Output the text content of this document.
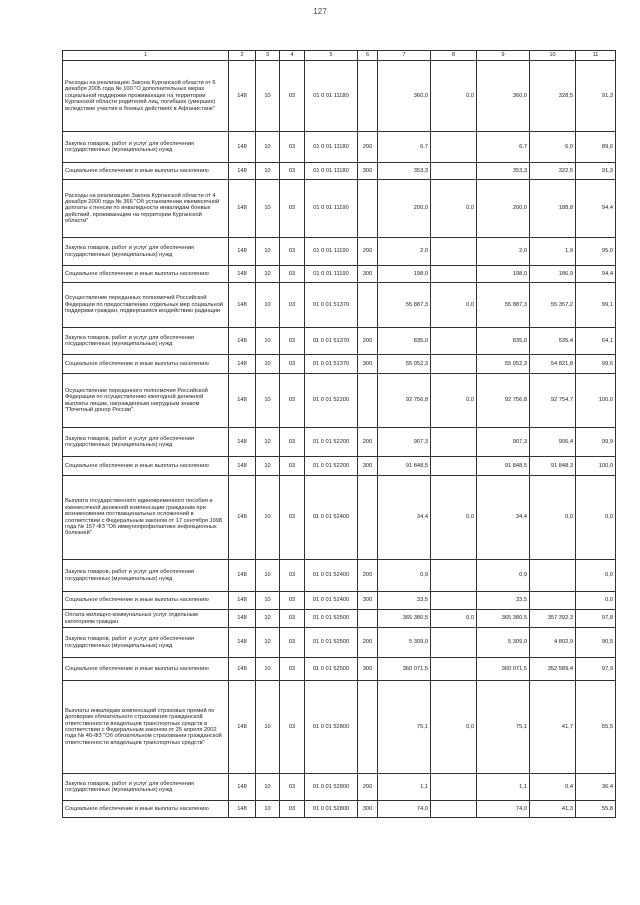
127
1	2	3	4	5	6	7	8	9	10	11
Расходы на реализацию Закона Курганской области от 6 декабря 2005 года № 100 "О дополнительных мерах социальной поддержки проживающих на территории Курганской области родителей лиц, погибших (умерших) вследствие участия в боевых действиях в Афганистане"	148	10	03	01 0 01 11180		360,0	0,0	360,0	328,5	91,3
Закупка товаров, работ и услуг для обеспечения государственных (муниципальных) нужд	148	10	03	01 0 01 11180	200	6,7		6,7	6,0	89,6
Социальное обеспечение и иные выплаты населению	148	10	03	01 0 01 11180	300	353,3		353,3	322,5	91,3
Расходы на реализацию Закона Курганской области от 4 декабря 2000 года № 366 "Об установлении ежемесячной доплаты к пенсии по инвалидности инвалидам боевых действий, проживающим на территории Курганской области"	148	10	03	01 0 01 11190		200,0	0,0	200,0	188,8	94,4
Закупка товаров, работ и услуг для обеспечения государственных (муниципальных) нужд	148	10	03	01 0 01 11190	200	2,0		2,0	1,9	95,0
Социальное обеспечение и иные выплаты населению	148	10	03	01 0 01 11190	300	198,0		198,0	186,9	94,4
Осуществление переданных полномочий Российской Федерации по предоставлению отдельных мер социальной поддержки граждан, подвергшихся воздействию радиации	148	10	03	01 0 01 51370		55 887,3	0,0	55 887,3	55 357,2	99,1
Закупка товаров, работ и услуг для обеспечения государственных (муниципальных) нужд	148	10	03	01 0 01 51370	200	835,0		835,0	535,4	64,1
Социальное обеспечение и иные выплаты населению	148	10	03	01 0 01 51370	300	55 052,3		55 052,3	54 821,8	99,6
Осуществление переданного полномочия Российской Федерации по осуществлению ежегодной денежной выплаты лицам, награжденным нагрудным знаком "Почетный донор России"	148	10	03	01 0 01 52200		92 756,8	0,0	92 756,8	92 754,7	100,0
Закупка товаров, работ и услуг для обеспечения государственных (муниципальных) нужд	148	10	03	01 0 01 52200	200	907,3		907,3	906,4	99,9
Социальное обеспечение и иные выплаты населению	148	10	03	01 0 01 52200	300	91 848,5		91 848,5	91 848,3	100,0
Выплата государственного единовременного пособия и ежемесячной денежной компенсации гражданам при возникновении поствакцинальных осложнений в соответствии с Федеральным законом от 17 сентября 1998 года № 157-ФЗ "Об иммунопрофилактике инфекционных болезней"	148	10	03	01 0 01 52400		34,4	0,0	34,4	0,0	0,0
Закупка товаров, работ и услуг для обеспечения государственных (муниципальных) нужд	148	10	03	01 0 01 52400	200	0,9		0,9		0,0
Социальное обеспечение и иные выплаты населению	148	10	03	01 0 01 52400	300	33,5		33,5		0,0
Оплата жилищно-коммунальных услуг отдельным категориям граждан	148	10	03	01 0 01 52500		365 380,5	0,0	365 380,5	357 392,3	97,8
Закупка товаров, работ и услуг для обеспечения государственных (муниципальных) нужд	148	10	03	01 0 01 52500	200	5 309,0		5 309,0	4 802,9	90,5
Социальное обеспечение и иные выплаты населению	148	10	03	01 0 01 52500	300	360 071,5		360 071,5	352 589,4	97,9
Выплаты инвалидам компенсаций страховых премий по договорам обязательного страхования гражданской ответственности владельцев транспортных средств в соответствии с Федеральным законом от 25 апреля 2002 года № 40-ФЗ "Об обязательном страховании гражданской ответственности владельцев транспортных средств"	148	10	03	01 0 01 52800		75,1	0,0	75,1	41,7	55,5
Закупка товаров, работ и услуг для обеспечения государственных (муниципальных) нужд	148	10	03	01 0 01 52800	200	1,1		1,1	0,4	36,4
Социальное обеспечение и иные выплаты населению	148	10	03	01 0 01 52800	300	74,0		74,0	41,3	55,8
